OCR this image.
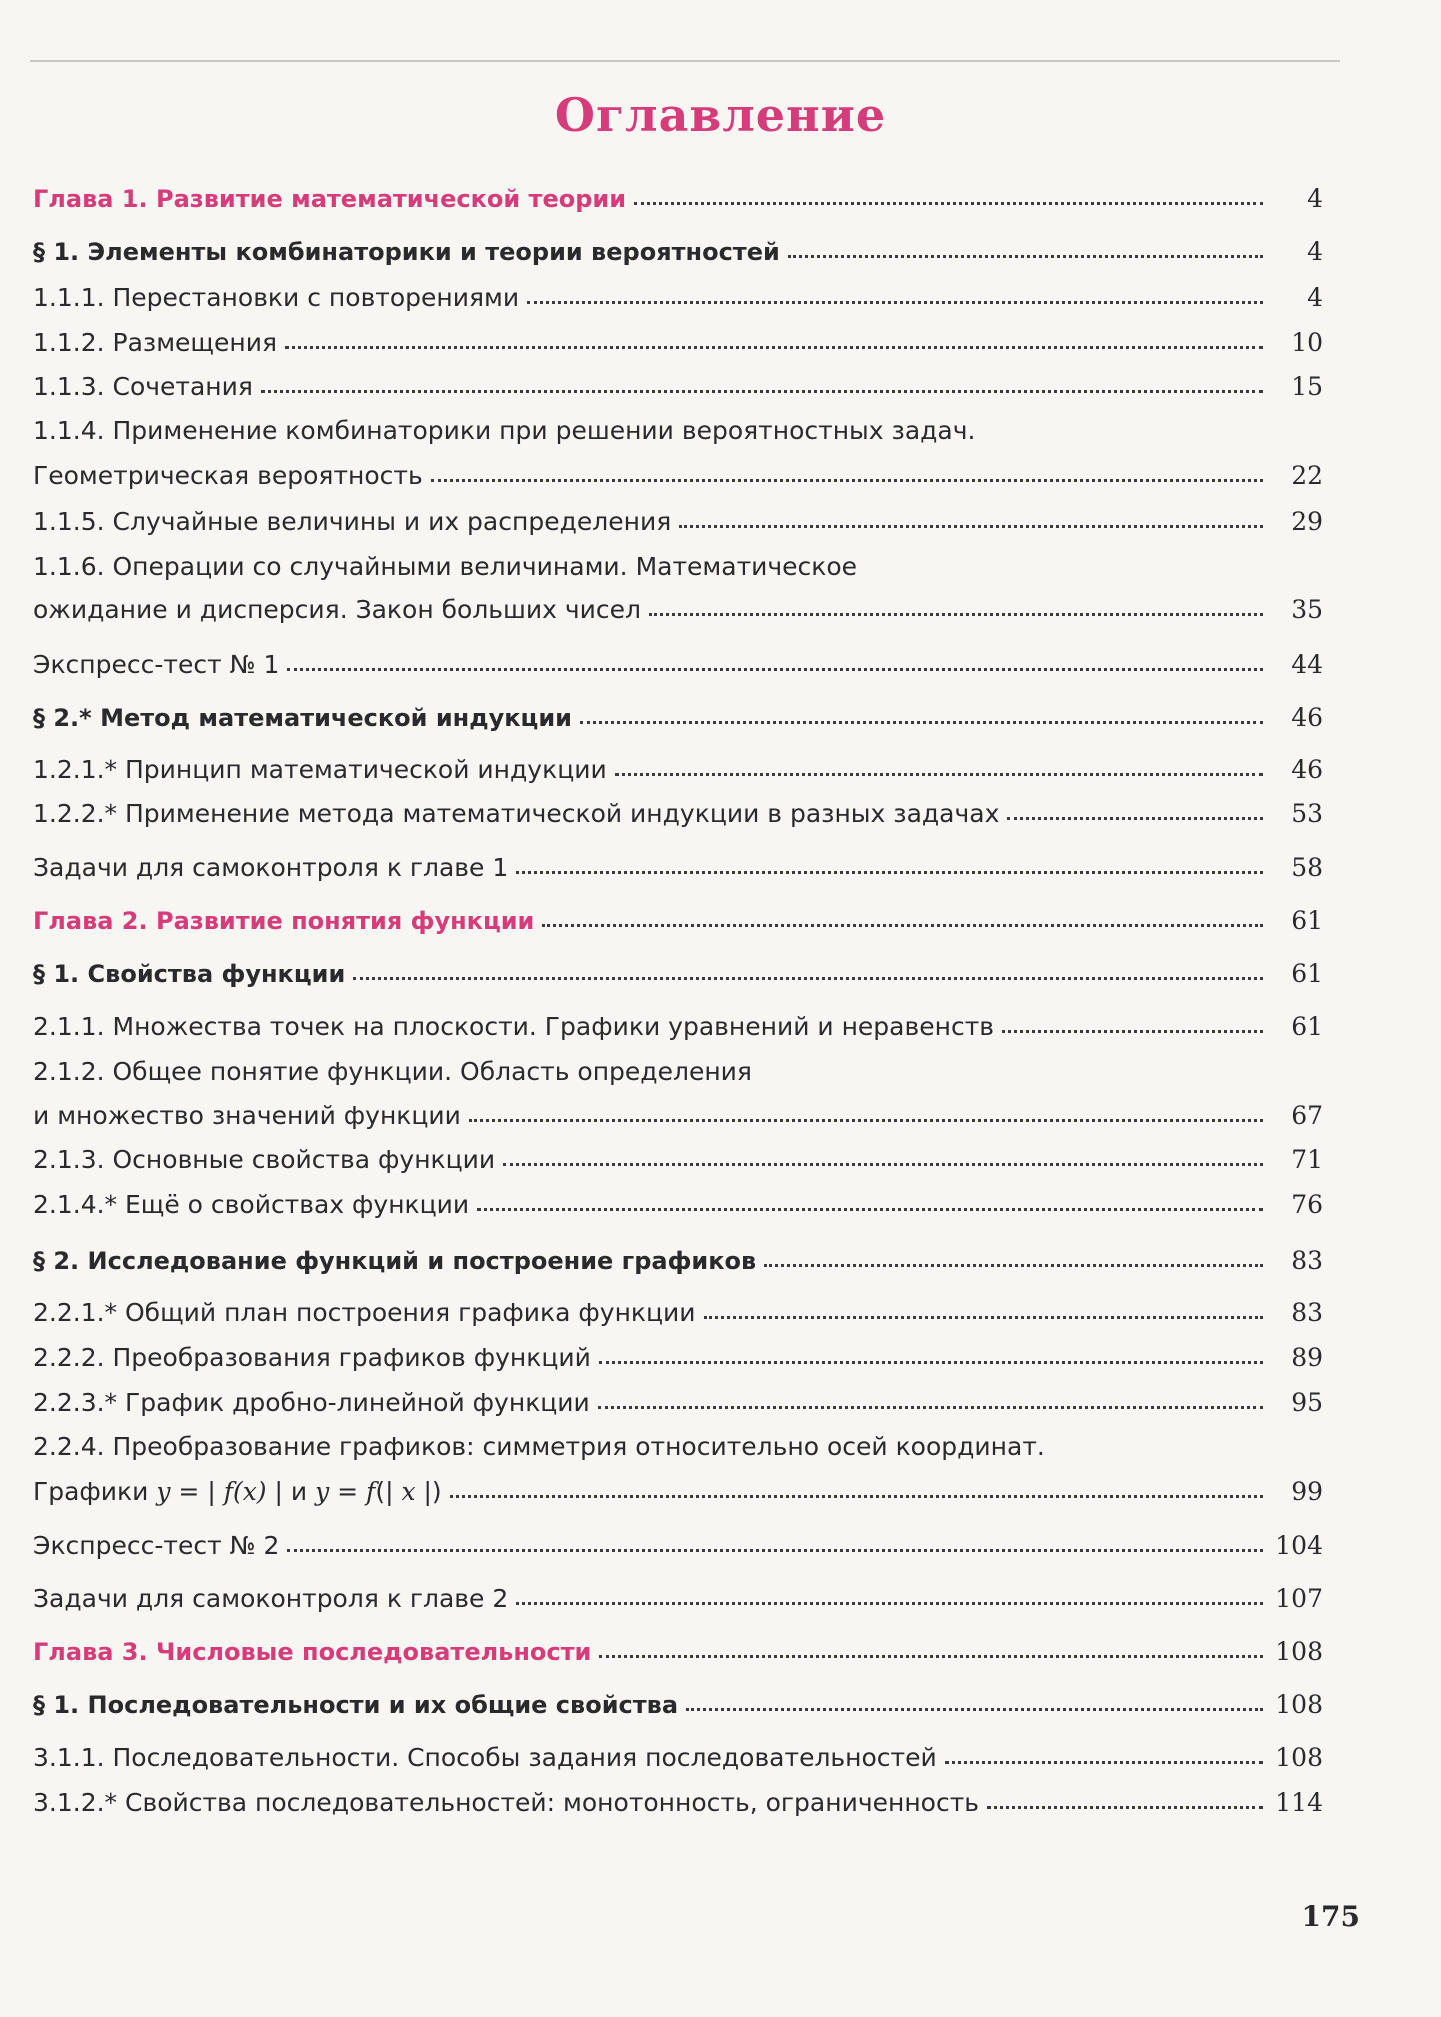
Оглавление
Глава 1. Развитие математической теории	4
§ 1. Элементы комбинаторики и теории вероятностей	4
1.1.1. Перестановки с повторениями	4
1.1.2. Размещения	10
1.1.3. Сочетания	15
1.1.4. Применение комбинаторики при решении вероятностных задач.
Геометрическая вероятность	22
1.1.5. Случайные величины и их распределения	29
1.1.6. Операции со случайными величинами. Математическое
ожидание и дисперсия. Закон больших чисел	35
Экспресс-тест № 1	44
§ 2.* Метод математической индукции	46
1.2.1.* Принцип математической индукции	46
1.2.2.* Применение метода математической индукции в разных задачах	53
Задачи для самоконтроля к главе 1	58
Глава 2. Развитие понятия функции	61
§ 1. Свойства функции	61
2.1.1. Множества точек на плоскости. Графики уравнений и неравенств	61
2.1.2. Общее понятие функции. Область определения
и множество значений функции	67
2.1.3. Основные свойства функции	71
2.1.4.* Ещё о свойствах функции	76
§ 2. Исследование функций и построение графиков	83
2.2.1.* Общий план построения графика функции	83
2.2.2. Преобразования графиков функций	89
2.2.3.* График дробно-линейной функции	95
2.2.4. Преобразование графиков: симметрия относительно осей координат.
Графики y = | f(x) | и y = f(| x |)	99
Экспресс-тест № 2	104
Задачи для самоконтроля к главе 2	107
Глава 3. Числовые последовательности	108
§ 1. Последовательности и их общие свойства	108
3.1.1. Последовательности. Способы задания последовательностей	108
3.1.2.* Свойства последовательностей: монотонность, ограниченность	114
175
